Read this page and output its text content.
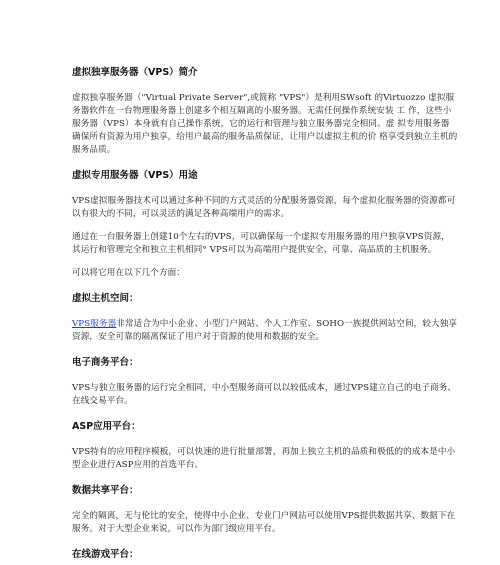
虚拟独享服务器（VPS）简介

虚拟独享服务器（"Virtual Private Server",或简称 "VPS"）是利用SWsoft 的Virtuozzo 虚拟服务器软件在一台物理服务器上创建多个相互隔离的小服务器。无需任何操作系统安装 工 作，这些小服务器（VPS）本身就有自己操作系统，它的运行和管理与独立服务器完全相同。虚 拟专用服务器确保所有资源为用户独享，给用户最高的服务品质保证，让用户以虚拟主机的价 格享受到独立主机的服务品质。

虚拟专用服务器（VPS）用途

VPS虚拟服务器技术可以通过多种不同的方式灵活的分配服务器资源，每个虚拟化服务器的资源都可以有很大的不同，可以灵活的满足各种高端用户的需求。

通过在一台服务器上创建10个左右的VPS，可以确保每一个虚拟专用服务器的用户独享VPS资源，其运行和管理完全和独立主机相同° VPS可以为高端用户提供安全、可靠、高品质的主机服务。

可以将它用在以下几个方面：

虚拟主机空间：

VPS服务器非常适合为中小企业、小型门户网站、个人工作室、SOHO一族提供网站空间，较大独享资源，安全可靠的隔离保证了用户对于资源的使用和数据的安全。

电子商务平台：

VPS与独立服务器的运行完全相同，中小型服务商可以以较低成本，通过VPS建立自己的电子商务、在线交易平台。

ASP应用平台：

VPS特有的应用程序模板，可以快速的进行批量部署，再加上独立主机的品质和极低的的成本是中小型企业进行ASP应用的首选平台。

数据共享平台：

完全的隔离，无与伦比的安全，使得中小企业、专业门户网站可以使用VPS提供数据共享、数据下在服务。对于大型企业来说，可以作为部门级应用平台。

在线游戏平台：
